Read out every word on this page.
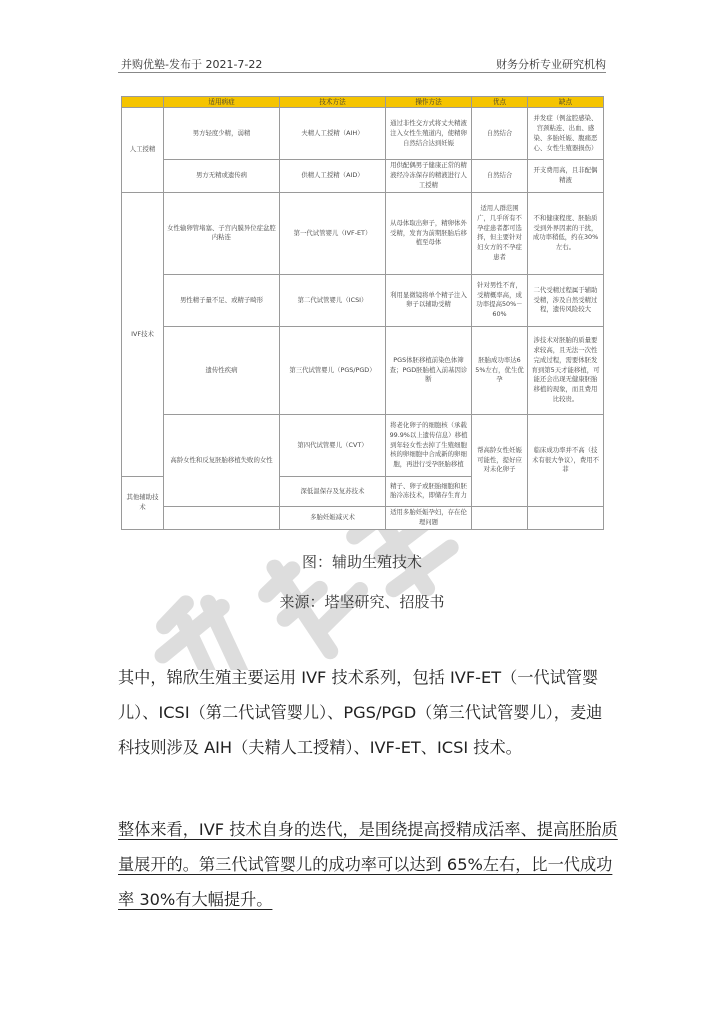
并购优塾-发布于 2021-7-22	财务分析专业研究机构
	适用病症	技术方法	操作方法	优点	缺点
人工授精	男方轻度少精，弱精	夫精人工授精（AIH）	通过非性交方式将丈夫精液注入女性生殖道内，使精卵自然结合达到妊娠	自然结合	并发症（例盆腔感染、宫颈粘连、出血、感染、多胎妊娠、腹痛恶心、女性生殖器损伤）
	男方无精或遗传病	供精人工授精（AID）	用供配偶男子健康正常的精液经冷冻保存的精液进行人工授精	自然结合	开支费用高，且非配偶精液
IVF技术	女性输卵管堵塞、子宫内膜异位症盆腔内粘连	第一代试管婴儿（IVF-ET）	从母体取出卵子，精卵体外受精，发育为前期胚胎后移植至母体	适用人群范围广，几乎所有不孕症患者都可选择，但主要针对妇女方的不孕症患者	不和健康程度、胚胎质受到外界因素的干扰，成功率稍低，约在30%左右。
	男性精子量不足、或精子畸形	第二代试管婴儿（ICSI）	利用显微镜将单个精子注入卵子以辅助受精	针对男性不育，受精概率高，成功率提高50%－60%	二代受精过程属于辅助受精，涉及自然受精过程，遗传风险较大
	遗传性疾病	第三代试管婴儿（PGS/PGD）	PGS体胚移植前染色体筛查；PGD胚胎植入前基因诊断	胚胎成功率达65%左右，优生优孕	涉技术对胚胎的质量要求较高，且无法一次性完成过程，需要体胚发育到第5天才能移植，可能还会出现无健康胚胎移植的现象，而且费用比较贵。
	高龄女性和反复胚胎移植失败的女性	第四代试管婴儿（CVT）	将老化卵子的细胞核（承载99.9%以上遗传信息）移植到年轻女性去掉了生殖细胞核的卵细胞中合成新的卵细胞，再进行受孕胚胎移植	帮高龄女性妊娠可能性，提好应对未化卵子	临床成功率并不高（技术有很大争议），费用不菲
其他辅助技术		深低温保存及复苏技术	精子、卵子或胚胎细胞和胚胎冷冻技术，即储存生育力		
		多胎妊娠减灭术	适用多胎妊娠孕妇，存在伦理问题		
图：辅助生殖技术
来源：塔坚研究、招股书
其中，锦欣生殖主要运用 IVF 技术系列，包括 IVF-ET（一代试管婴儿）、ICSI（第二代试管婴儿）、PGS/PGD（第三代试管婴儿），麦迪科技则涉及 AIH（夫精人工授精）、IVF-ET、ICSI 技术。
整体来看，IVF 技术自身的迭代，是围绕提高授精成活率、提高胚胎质量展开的。第三代试管婴儿的成功率可以达到 65%左右，比一代成功率 30%有大幅提升。
